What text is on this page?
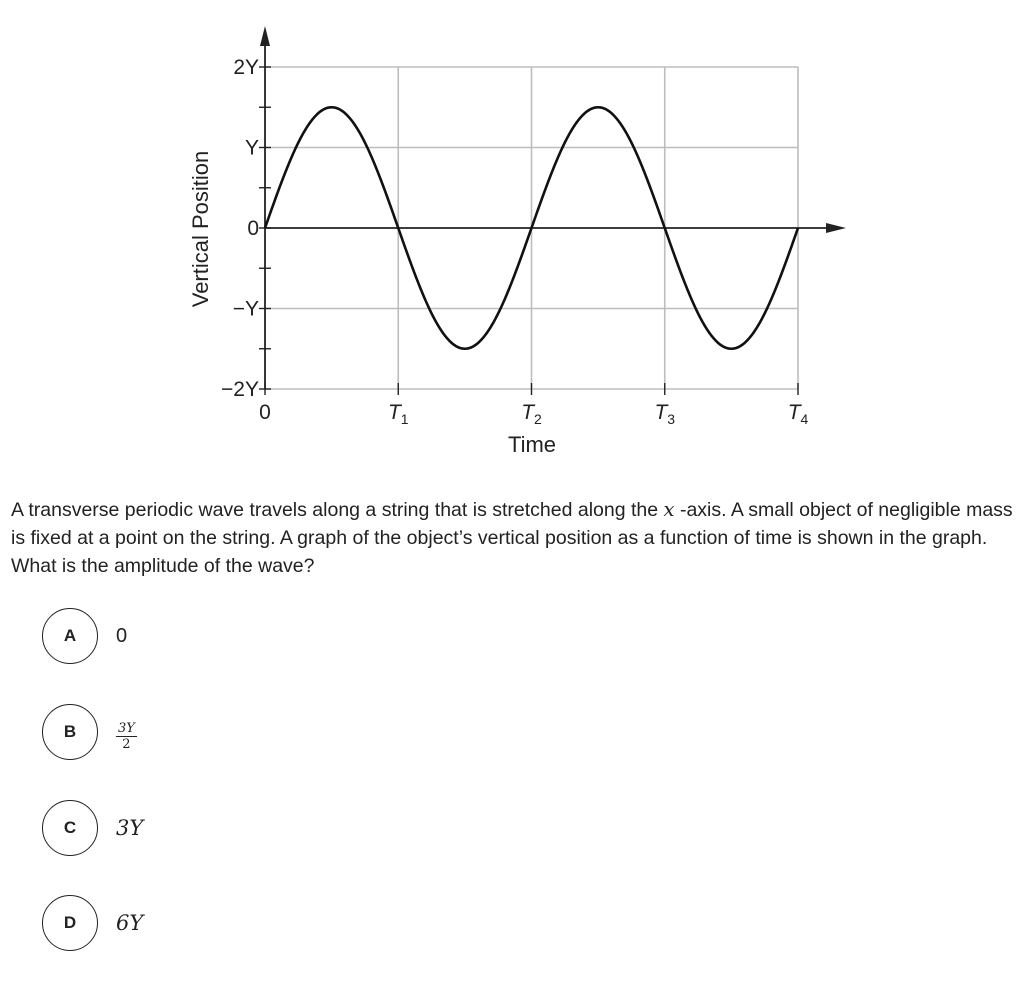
2Y
Y
0
−Y
−2Y
0	$T_1$	$T_2$	$T_3$	$T_4$
Time
Vertical Position
A transverse periodic wave travels along a string that is stretched along the x -axis. A small object of negligible mass is fixed at a point on the string. A graph of the object’s vertical position as a function of time is shown in the graph. What is the amplitude of the wave?
A	0
B	$\frac{3Y}{2}$
C	3Y
D	6Y
